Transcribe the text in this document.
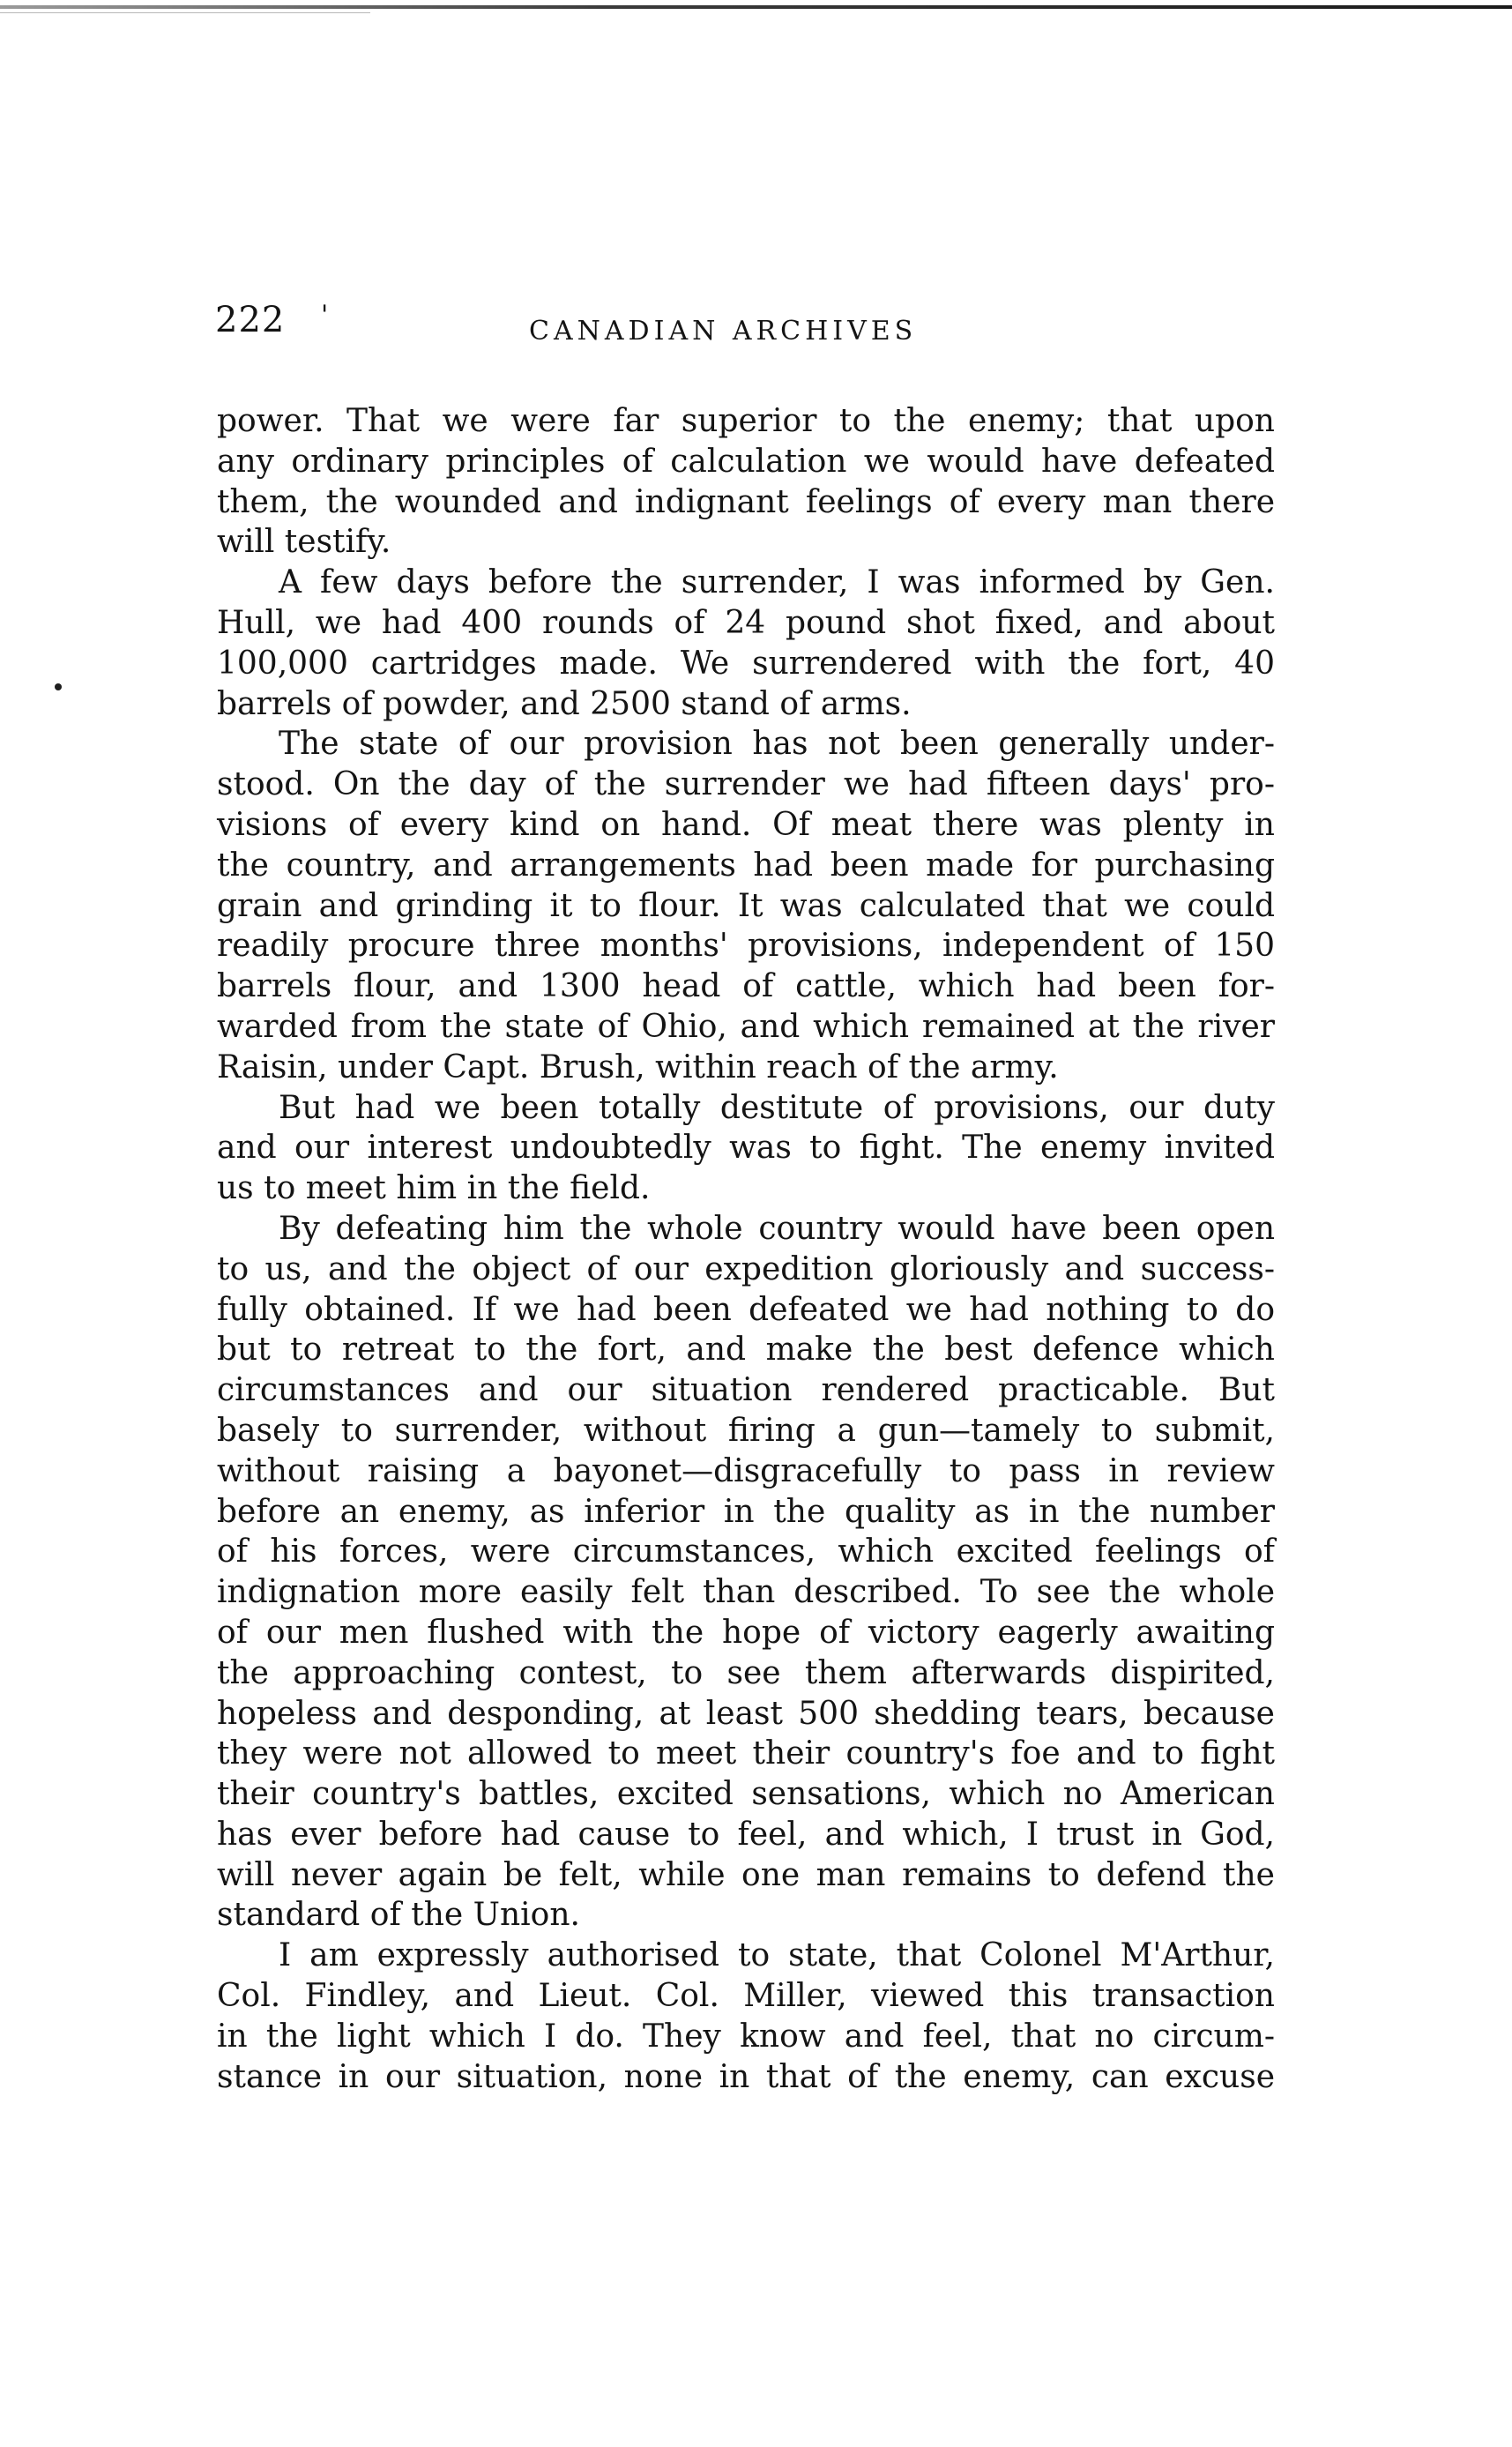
222 '
CANADIAN ARCHIVES
power. That we were far superior to the enemy; that upon
any ordinary principles of calculation we would have defeated
them, the wounded and indignant feelings of every man there
will testify.
A few days before the surrender, I was informed by Gen.
Hull, we had 400 rounds of 24 pound shot fixed, and about
100,000 cartridges made. We surrendered with the fort, 40
barrels of powder, and 2500 stand of arms.
The state of our provision has not been generally under-
stood. On the day of the surrender we had fifteen days' pro-
visions of every kind on hand. Of meat there was plenty in
the country, and arrangements had been made for purchasing
grain and grinding it to flour. It was calculated that we could
readily procure three months' provisions, independent of 150
barrels flour, and 1300 head of cattle, which had been for-
warded from the state of Ohio, and which remained at the river
Raisin, under Capt. Brush, within reach of the army.
But had we been totally destitute of provisions, our duty
and our interest undoubtedly was to fight. The enemy invited
us to meet him in the field.
By defeating him the whole country would have been open
to us, and the object of our expedition gloriously and success-
fully obtained. If we had been defeated we had nothing to do
but to retreat to the fort, and make the best defence which
circumstances and our situation rendered practicable. But
basely to surrender, without firing a gun—tamely to submit,
without raising a bayonet—disgracefully to pass in review
before an enemy, as inferior in the quality as in the number
of his forces, were circumstances, which excited feelings of
indignation more easily felt than described. To see the whole
of our men flushed with the hope of victory eagerly awaiting
the approaching contest, to see them afterwards dispirited,
hopeless and desponding, at least 500 shedding tears, because
they were not allowed to meet their country's foe and to fight
their country's battles, excited sensations, which no American
has ever before had cause to feel, and which, I trust in God,
will never again be felt, while one man remains to defend the
standard of the Union.
I am expressly authorised to state, that Colonel M'Arthur,
Col. Findley, and Lieut. Col. Miller, viewed this transaction
in the light which I do. They know and feel, that no circum-
stance in our situation, none in that of the enemy, can excuse
